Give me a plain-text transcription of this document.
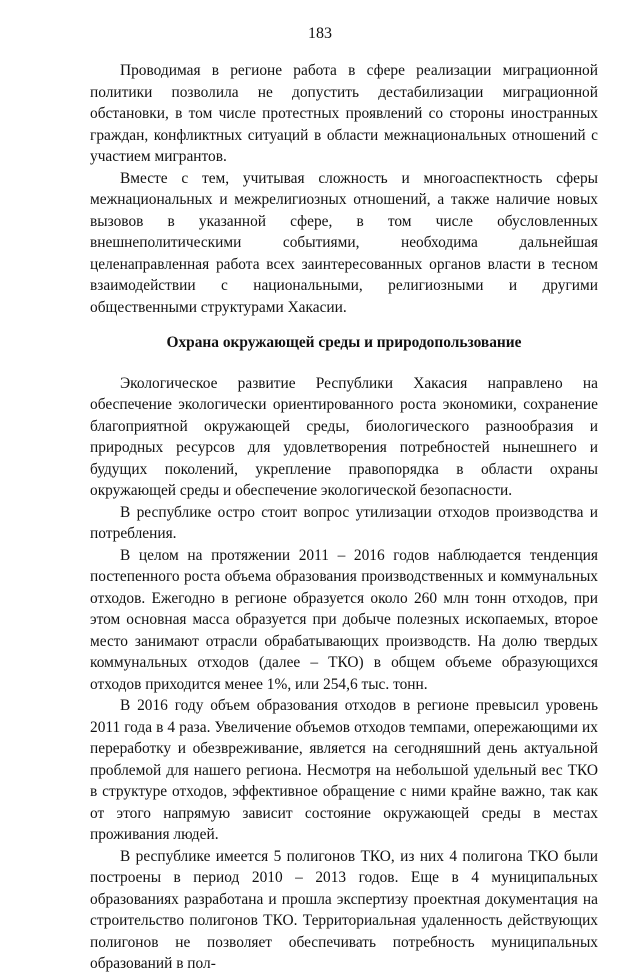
183

Проводимая в регионе работа в сфере реализации миграционной политики позволила не допустить дестабилизации миграционной обстановки, в том числе протестных проявлений со стороны иностранных граждан, конфликтных ситуаций в области межнациональных отношений с участием мигрантов.

Вместе с тем, учитывая сложность и многоаспектность сферы межнациональных и межрелигиозных отношений, а также наличие новых вызовов в указанной сфере, в том числе обусловленных внешнеполитическими событиями, необходима дальнейшая целенаправленная работа всех заинтересованных органов власти в тесном взаимодействии с национальными, религиозными и другими общественными структурами Хакасии.

Охрана окружающей среды и природопользование

Экологическое развитие Республики Хакасия направлено на обеспечение экологически ориентированного роста экономики, сохранение благоприятной окружающей среды, биологического разнообразия и природных ресурсов для удовлетворения потребностей нынешнего и будущих поколений, укрепление правопорядка в области охраны окружающей среды и обеспечение экологической безопасности.

В республике остро стоит вопрос утилизации отходов производства и потребления.

В целом на протяжении 2011 – 2016 годов наблюдается тенденция постепенного роста объема образования производственных и коммунальных отходов. Ежегодно в регионе образуется около 260 млн тонн отходов, при этом основная масса образуется при добыче полезных ископаемых, второе место занимают отрасли обрабатывающих производств. На долю твердых коммунальных отходов (далее – ТКО) в общем объеме образующихся отходов приходится менее 1%, или 254,6 тыс. тонн.

В 2016 году объем образования отходов в регионе превысил уровень 2011 года в 4 раза. Увеличение объемов отходов темпами, опережающими их переработку и обезвреживание, является на сегодняшний день актуальной проблемой для нашего региона. Несмотря на небольшой удельный вес ТКО в структуре отходов, эффективное обращение с ними крайне важно, так как от этого напрямую зависит состояние окружающей среды в местах проживания людей.

В республике имеется 5 полигонов ТКО, из них 4 полигона ТКО были построены в период 2010 – 2013 годов. Еще в 4 муниципальных образованиях разработана и прошла экспертизу проектная документация на строительство полигонов ТКО. Территориальная удаленность действующих полигонов не позволяет обеспечивать потребность муниципальных образований в пол-
